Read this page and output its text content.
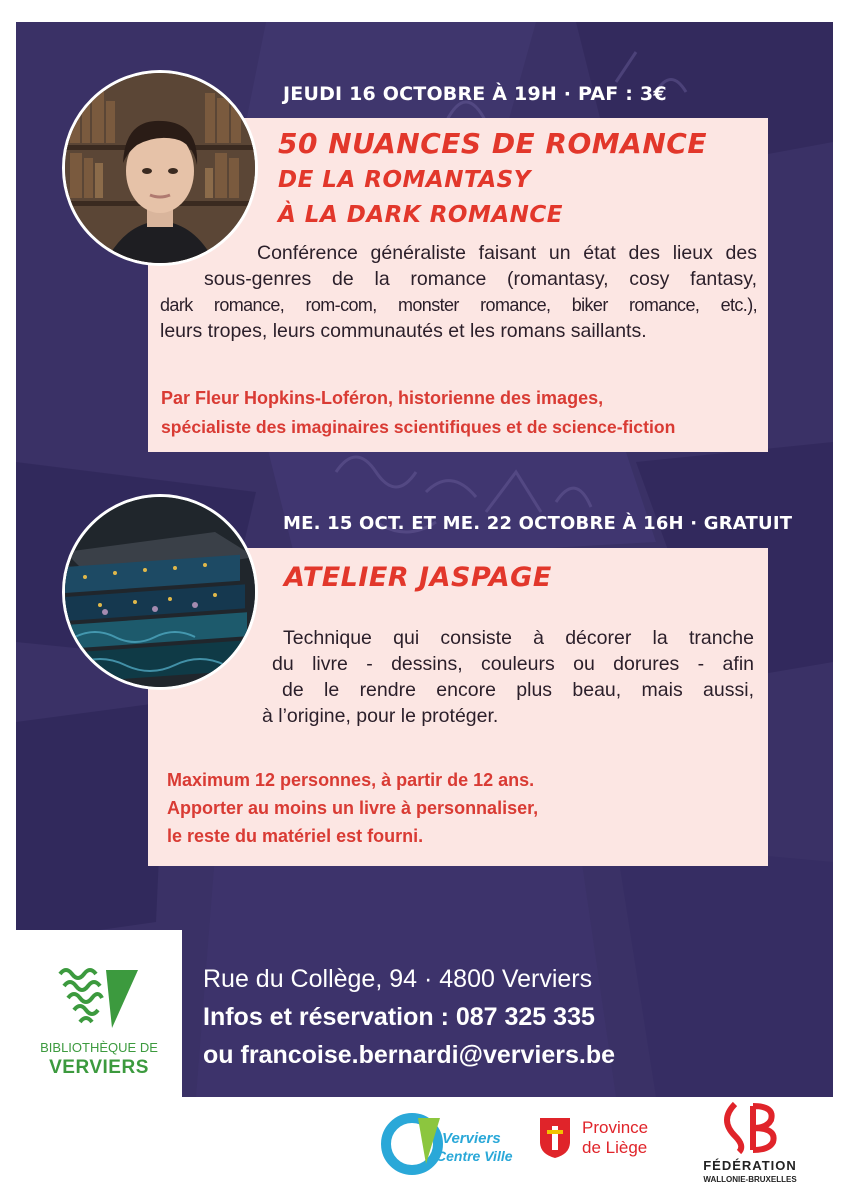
JEUDI 16 OCTOBRE À 19H · PAF : 3€
50 NUANCES DE ROMANCE
DE LA ROMANTASY
À LA DARK ROMANCE
Conférence généraliste faisant un état des lieux des
sous-genres de la romance (romantasy, cosy fantasy,
dark romance, rom-com, monster romance, biker romance, etc.),
leurs tropes, leurs communautés et les romans saillants.
Par Fleur Hopkins-Loféron, historienne des images,
spécialiste des imaginaires scientifiques et de science-fiction
ME. 15 OCT. ET ME. 22 OCTOBRE À 16H · GRATUIT
ATELIER JASPAGE
Technique qui consiste à décorer la tranche
du livre - dessins, couleurs ou dorures - afin
de le rendre encore plus beau, mais aussi,
à l’origine, pour le protéger.
Maximum 12 personnes, à partir de 12 ans.
Apporter au moins un livre à personnaliser,
le reste du matériel est fourni.
BIBLIOTHÈQUE DE
VERVIERS
Rue du Collège, 94 · 4800 Verviers
Infos et réservation : 087 325 335
ou francoise.bernardi@verviers.be
Verviers
Centre Ville
Province
de Liège
FÉDÉRATION
WALLONIE-BRUXELLES
